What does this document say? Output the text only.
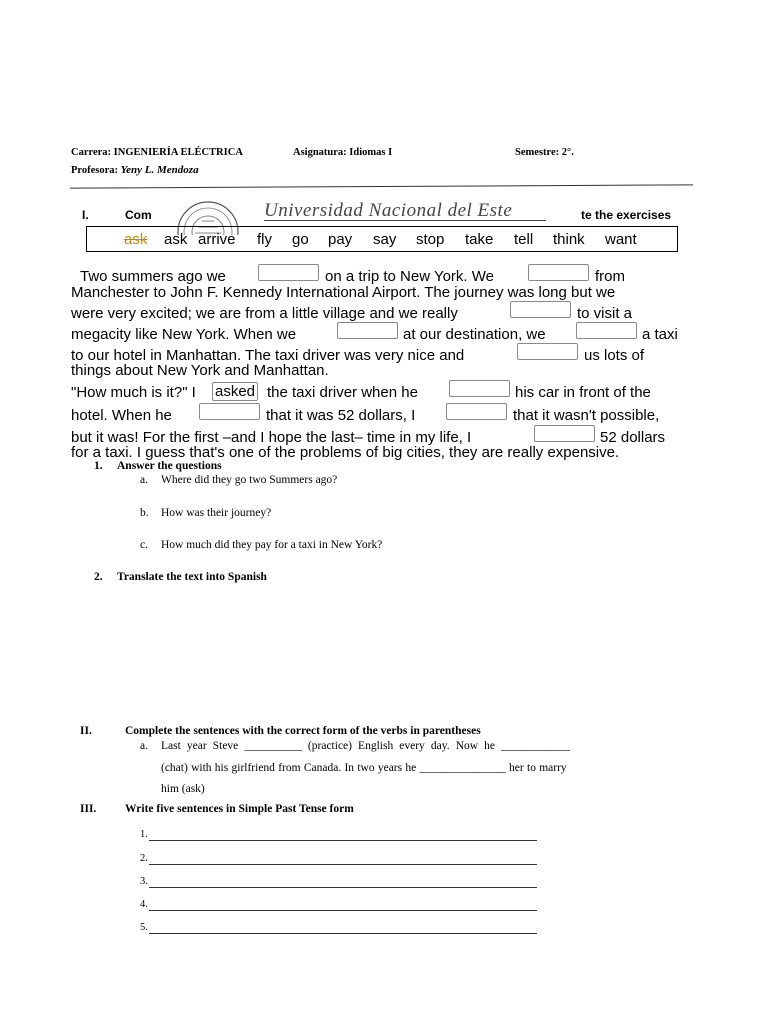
Carrera: INGENIERÍA ELÉCTRICA	Asignatura: Idiomas I	Semestre: 2°.
Profesora: Yeny L. Mendoza
I.	Com	te the exercises
Universidad Nacional del Este
ask ask arrive fly go pay say stop take tell think want
Two summers ago we	on a trip to New York. We	from
Manchester to John F. Kennedy International Airport. The journey was long but we
were very excited; we are from a little village and we really	to visit a
megacity like New York. When we	at our destination, we	a taxi
to our hotel in Manhattan. The taxi driver was very nice and	us lots of
things about New York and Manhattan.
"How much is it?" I asked the taxi driver when he	his car in front of the
hotel. When he	that it was 52 dollars, I	that it wasn't possible,
but it was! For the first –and I hope the last– time in my life, I	52 dollars
for a taxi. I guess that's one of the problems of big cities, they are really expensive.
1. Answer the questions
a. Where did they go two Summers ago?
b. How was their journey?
c. How much did they pay for a taxi in New York?
2. Translate the text into Spanish
II.	Complete the sentences with the correct form of the verbs in parentheses
a. Last year Steve __________ (practice) English every day. Now he ____________
(chat) with his girlfriend from Canada. In two years he _______________ her to marry
him (ask)
III. Write five sentences in Simple Past Tense form
1.
2.
3.
4.
5.
